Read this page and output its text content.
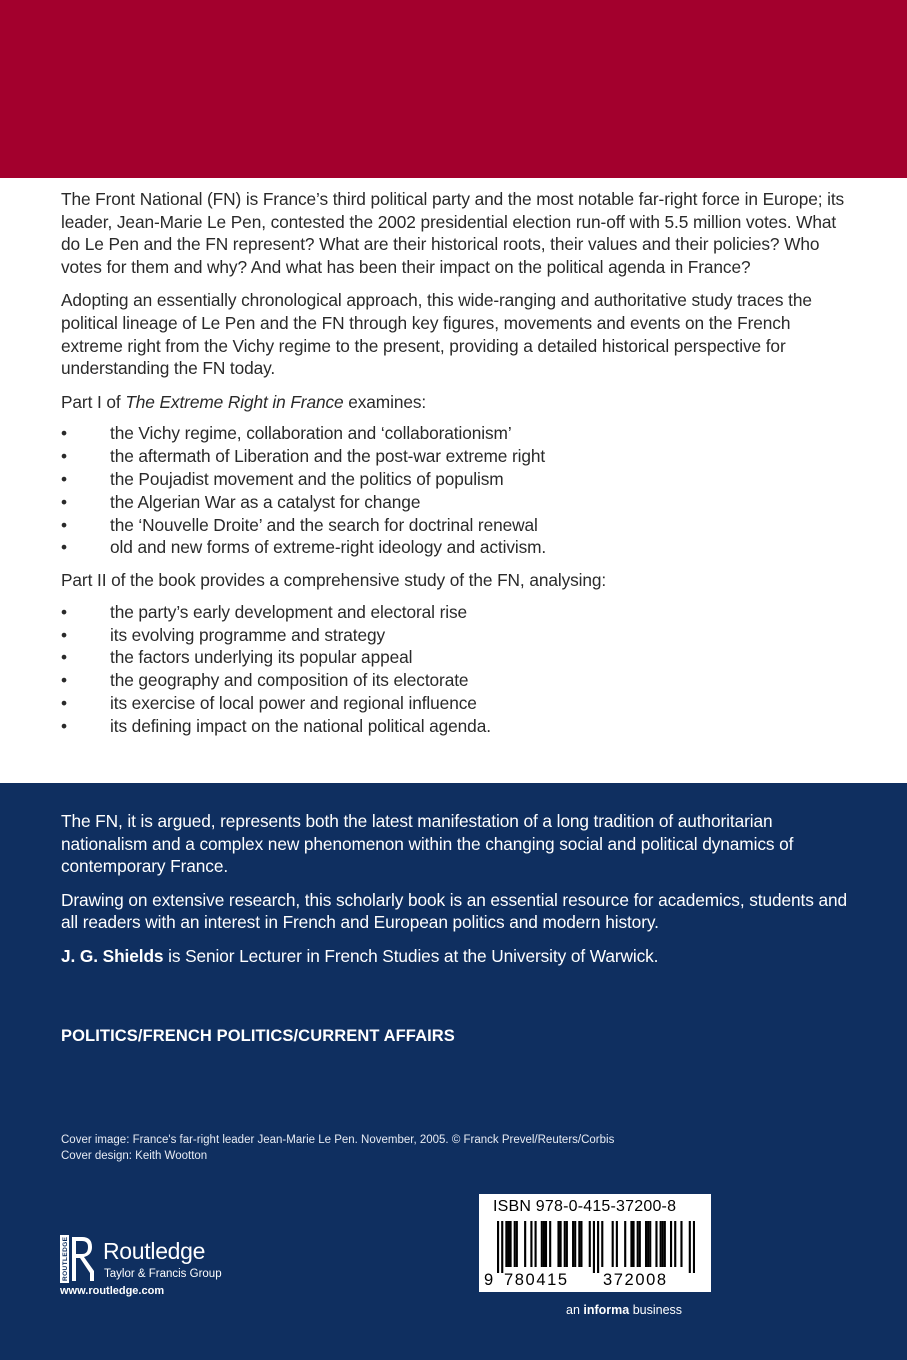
The Front National (FN) is France’s third political party and the most notable far-right force in Europe; its leader, Jean-Marie Le Pen, contested the 2002 presidential election run-off with 5.5 million votes. What do Le Pen and the FN represent? What are their historical roots, their values and their policies? Who votes for them and why? And what has been their impact on the political agenda in France?

Adopting an essentially chronological approach, this wide-ranging and authoritative study traces the political lineage of Le Pen and the FN through key figures, movements and events on the French extreme right from the Vichy regime to the present, providing a detailed historical perspective for understanding the FN today.

Part I of The Extreme Right in France examines:

• the Vichy regime, collaboration and ‘collaborationism’
• the aftermath of Liberation and the post-war extreme right
• the Poujadist movement and the politics of populism
• the Algerian War as a catalyst for change
• the ‘Nouvelle Droite’ and the search for doctrinal renewal
• old and new forms of extreme-right ideology and activism.

Part II of the book provides a comprehensive study of the FN, analysing:

• the party’s early development and electoral rise
• its evolving programme and strategy
• the factors underlying its popular appeal
• the geography and composition of its electorate
• its exercise of local power and regional influence
• its defining impact on the national political agenda.

The FN, it is argued, represents both the latest manifestation of a long tradition of authoritarian nationalism and a complex new phenomenon within the changing social and political dynamics of contemporary France.

Drawing on extensive research, this scholarly book is an essential resource for academics, students and all readers with an interest in French and European politics and modern history.

J. G. Shields is Senior Lecturer in French Studies at the University of Warwick.

POLITICS/FRENCH POLITICS/CURRENT AFFAIRS
Cover image: France's far-right leader Jean-Marie Le Pen. November, 2005. © Franck Prevel/Reuters/Corbis
Cover design: Keith Wootton
ROUTLEDGE Routledge
Taylor & Francis Group
www.routledge.com
ISBN 978-0-415-37200-8
9 780415 372008
an informa business
